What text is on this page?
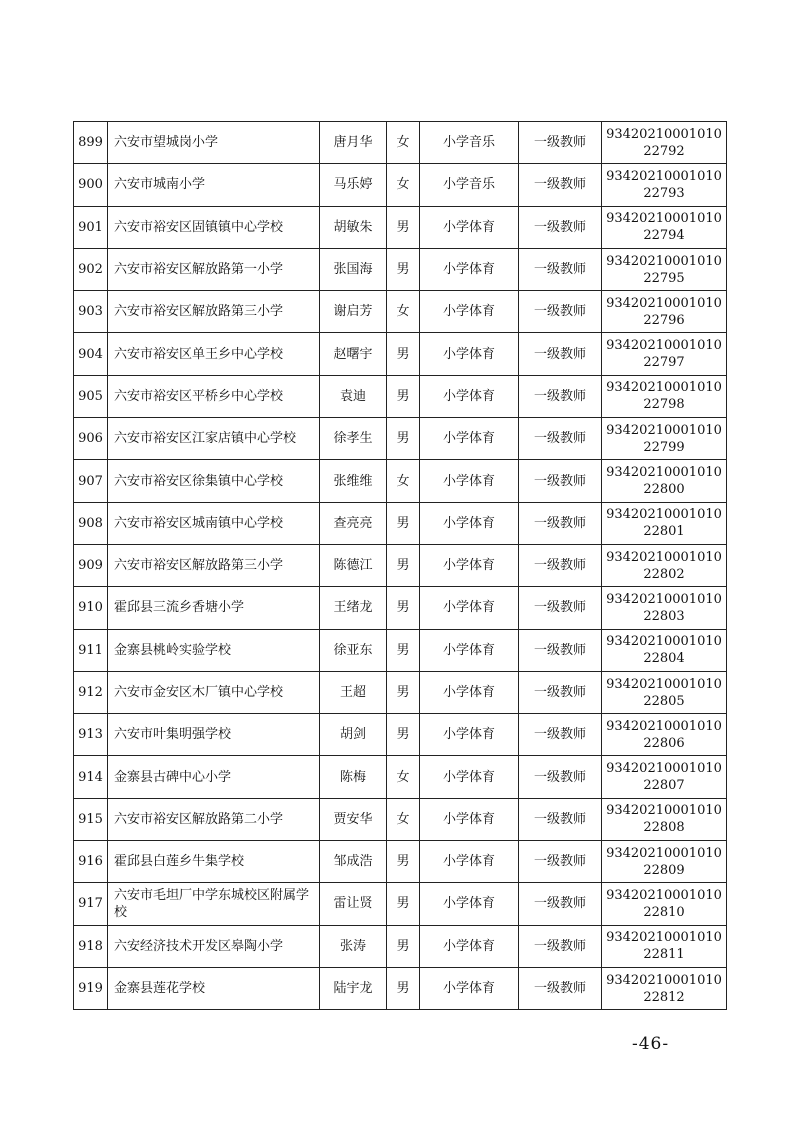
899	六安市望城岗小学	唐月华	女	小学音乐	一级教师	9342021000101022792
900	六安市城南小学	马乐婷	女	小学音乐	一级教师	9342021000101022793
901	六安市裕安区固镇镇中心学校	胡敏朱	男	小学体育	一级教师	9342021000101022794
902	六安市裕安区解放路第一小学	张国海	男	小学体育	一级教师	9342021000101022795
903	六安市裕安区解放路第三小学	谢启芳	女	小学体育	一级教师	9342021000101022796
904	六安市裕安区单王乡中心学校	赵曙宇	男	小学体育	一级教师	9342021000101022797
905	六安市裕安区平桥乡中心学校	袁迪	男	小学体育	一级教师	9342021000101022798
906	六安市裕安区江家店镇中心学校	徐孝生	男	小学体育	一级教师	9342021000101022799
907	六安市裕安区徐集镇中心学校	张维维	女	小学体育	一级教师	9342021000101022800
908	六安市裕安区城南镇中心学校	查亮亮	男	小学体育	一级教师	9342021000101022801
909	六安市裕安区解放路第三小学	陈德江	男	小学体育	一级教师	9342021000101022802
910	霍邱县三流乡香塘小学	王绪龙	男	小学体育	一级教师	9342021000101022803
911	金寨县桃岭实验学校	徐亚东	男	小学体育	一级教师	9342021000101022804
912	六安市金安区木厂镇中心学校	王超	男	小学体育	一级教师	9342021000101022805
913	六安市叶集明强学校	胡剑	男	小学体育	一级教师	9342021000101022806
914	金寨县古碑中心小学	陈梅	女	小学体育	一级教师	9342021000101022807
915	六安市裕安区解放路第二小学	贾安华	女	小学体育	一级教师	9342021000101022808
916	霍邱县白莲乡牛集学校	邹成浩	男	小学体育	一级教师	9342021000101022809
917	六安市毛坦厂中学东城校区附属学校	雷让贤	男	小学体育	一级教师	9342021000101022810
918	六安经济技术开发区皋陶小学	张涛	男	小学体育	一级教师	9342021000101022811
919	金寨县莲花学校	陆宇龙	男	小学体育	一级教师	9342021000101022812
-46-
